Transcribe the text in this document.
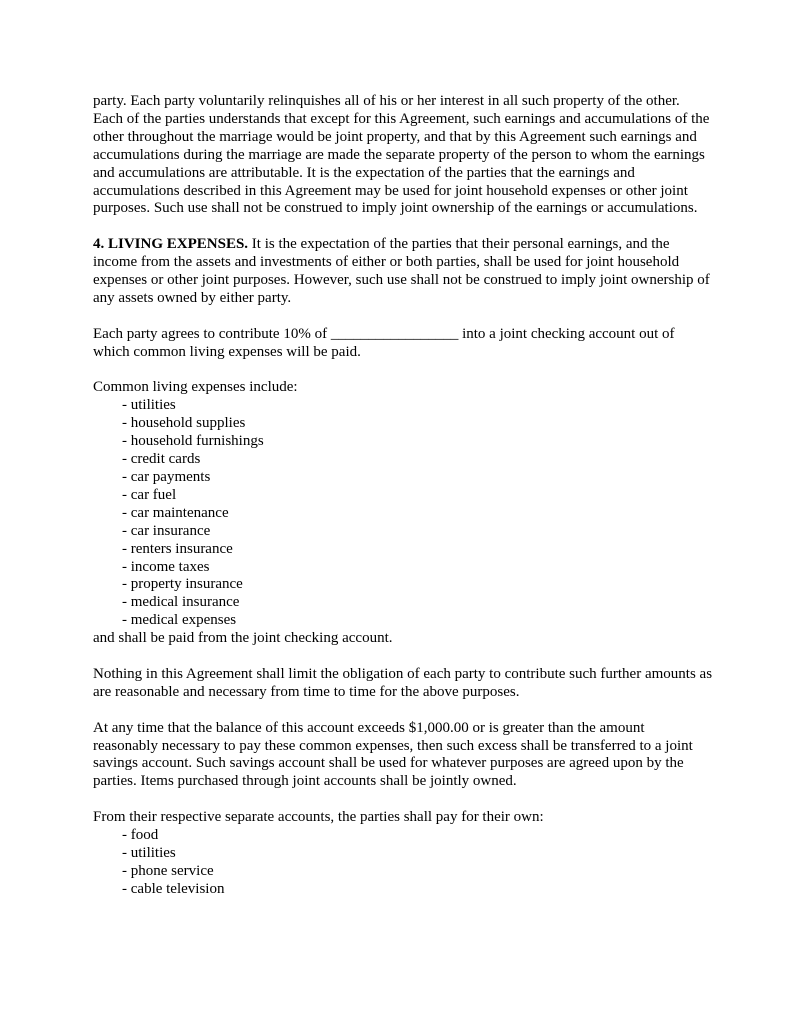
party. Each party voluntarily relinquishes all of his or her interest in all such property of the other. Each of the parties understands that except for this Agreement, such earnings and accumulations of the other throughout the marriage would be joint property, and that by this Agreement such earnings and accumulations during the marriage are made the separate property of the person to whom the earnings and accumulations are attributable. It is the expectation of the parties that the earnings and accumulations described in this Agreement may be used for joint household expenses or other joint purposes. Such use shall not be construed to imply joint ownership of the earnings or accumulations.

4. LIVING EXPENSES. It is the expectation of the parties that their personal earnings, and the income from the assets and investments of either or both parties, shall be used for joint household expenses or other joint purposes. However, such use shall not be construed to imply joint ownership of any assets owned by either party.

Each party agrees to contribute 10% of _________________ into a joint checking account out of which common living expenses will be paid.

Common living expenses include:

- utilities
- household supplies
- household furnishings
- credit cards
- car payments
- car fuel
- car maintenance
- car insurance
- renters insurance
- income taxes
- property insurance
- medical insurance
- medical expenses

and shall be paid from the joint checking account.

Nothing in this Agreement shall limit the obligation of each party to contribute such further amounts as are reasonable and necessary from time to time for the above purposes.

At any time that the balance of this account exceeds $1,000.00 or is greater than the amount reasonably necessary to pay these common expenses, then such excess shall be transferred to a joint savings account. Such savings account shall be used for whatever purposes are agreed upon by the parties. Items purchased through joint accounts shall be jointly owned.

From their respective separate accounts, the parties shall pay for their own:

- food
- utilities
- phone service
- cable television
